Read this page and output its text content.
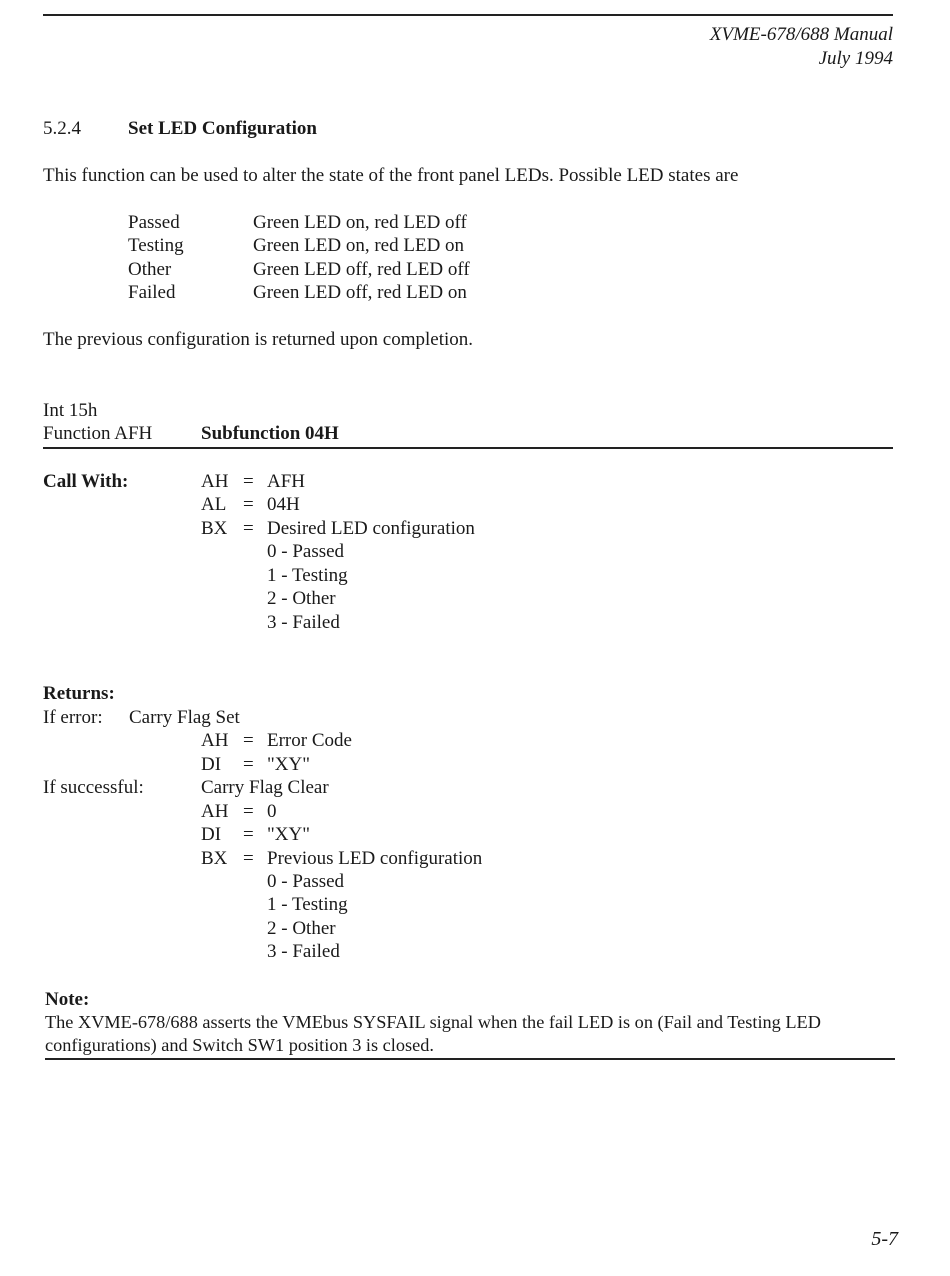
XVME-678/688 Manual
July 1994
5.2.4 Set LED Configuration
This function can be used to alter the state of the front panel LEDs. Possible LED states are
Passed	Green LED on, red LED off
Testing	Green LED on, red LED on
Other	Green LED off, red LED off
Failed	Green LED off, red LED on
The previous configuration is returned upon completion.
Int 15h
Function AFH	Subfunction 04H
Call With:	AH = AFH
AL = 04H
BX = Desired LED configuration
0 - Passed
1 - Testing
2 - Other
3 - Failed
Returns:
If error: Carry Flag Set
AH = Error Code
DI = "XY"
If successful:	Carry Flag Clear
AH = 0
DI = "XY"
BX = Previous LED configuration
0 - Passed
1 - Testing
2 - Other
3 - Failed
Note:
The XVME-678/688 asserts the VMEbus SYSFAIL signal when the fail LED is on (Fail and Testing LED
configurations) and Switch SW1 position 3 is closed.
5-7
